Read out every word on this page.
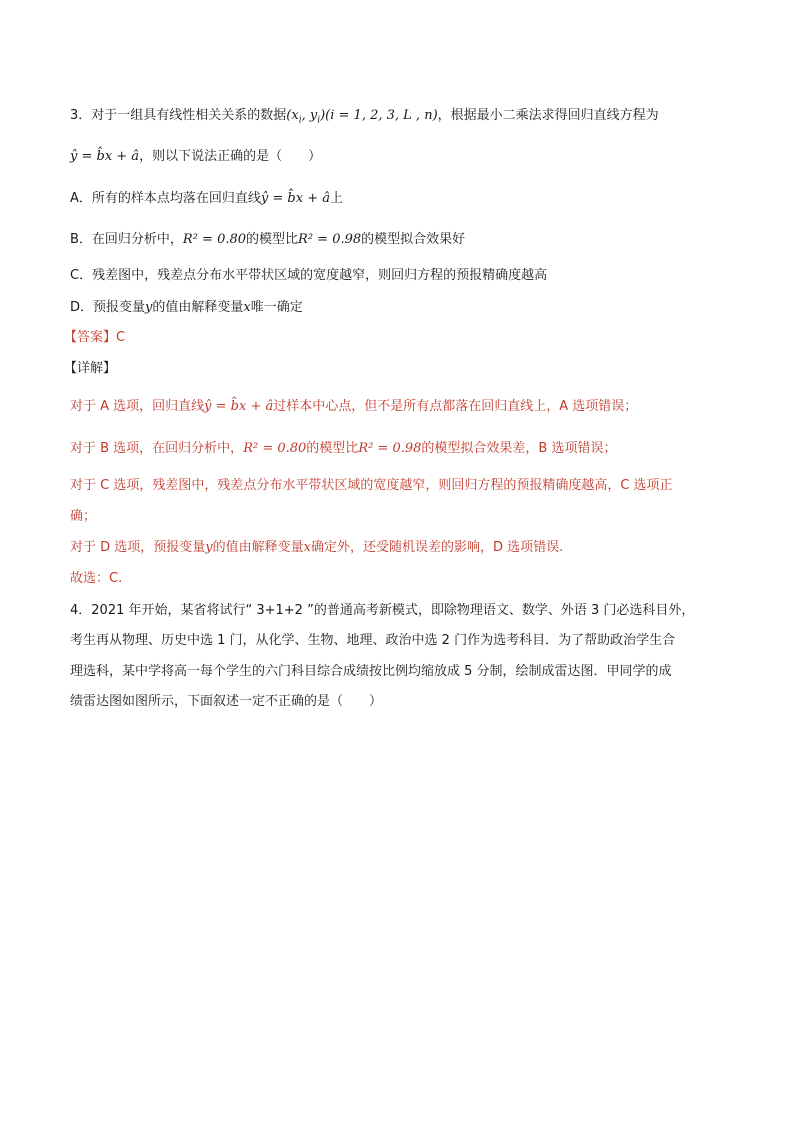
3．对于一组具有线性相关关系的数据($x_i$, $y_i)(i = 1$, 2, 3, L , n)，根据最小二乘法求得回归直线方程为
ŷ = b̂x + â，则以下说法正确的是（　　）
A．所有的样本点均落在回归直线ŷ = b̂x + â上
B．在回归分析中，R² = 0.80的模型比R² = 0.98的模型拟合效果好
C．残差图中，残差点分布水平带状区域的宽度越窄，则回归方程的预报精确度越高
D．预报变量y的值由解释变量x唯一确定
【答案】C
【详解】
对于 A 选项，回归直线ŷ = b̂x + â过样本中心点，但不是所有点都落在回归直线上，A 选项错误；
对于 B 选项，在回归分析中，R² = 0.80的模型比R² = 0.98的模型拟合效果差，B 选项错误；
对于 C 选项，残差图中，残差点分布水平带状区域的宽度越窄，则回归方程的预报精确度越高，C 选项正
确；
对于 D 选项，预报变量y的值由解释变量x确定外，还受随机误差的影响，D 选项错误.
故选：C.
4．2021 年开始，某省将试行“ 3+1+2 ”的普通高考新模式，即除物理语文、数学、外语 3 门必选科目外，
考生再从物理、历史中选 1 门，从化学、生物、地理、政治中选 2 门作为选考科目．为了帮助政治学生合
理选科，某中学将高一每个学生的六门科目综合成绩按比例均缩放成 5 分制，绘制成雷达图．甲同学的成
绩雷达图如图所示，下面叙述一定不正确的是（　　）
